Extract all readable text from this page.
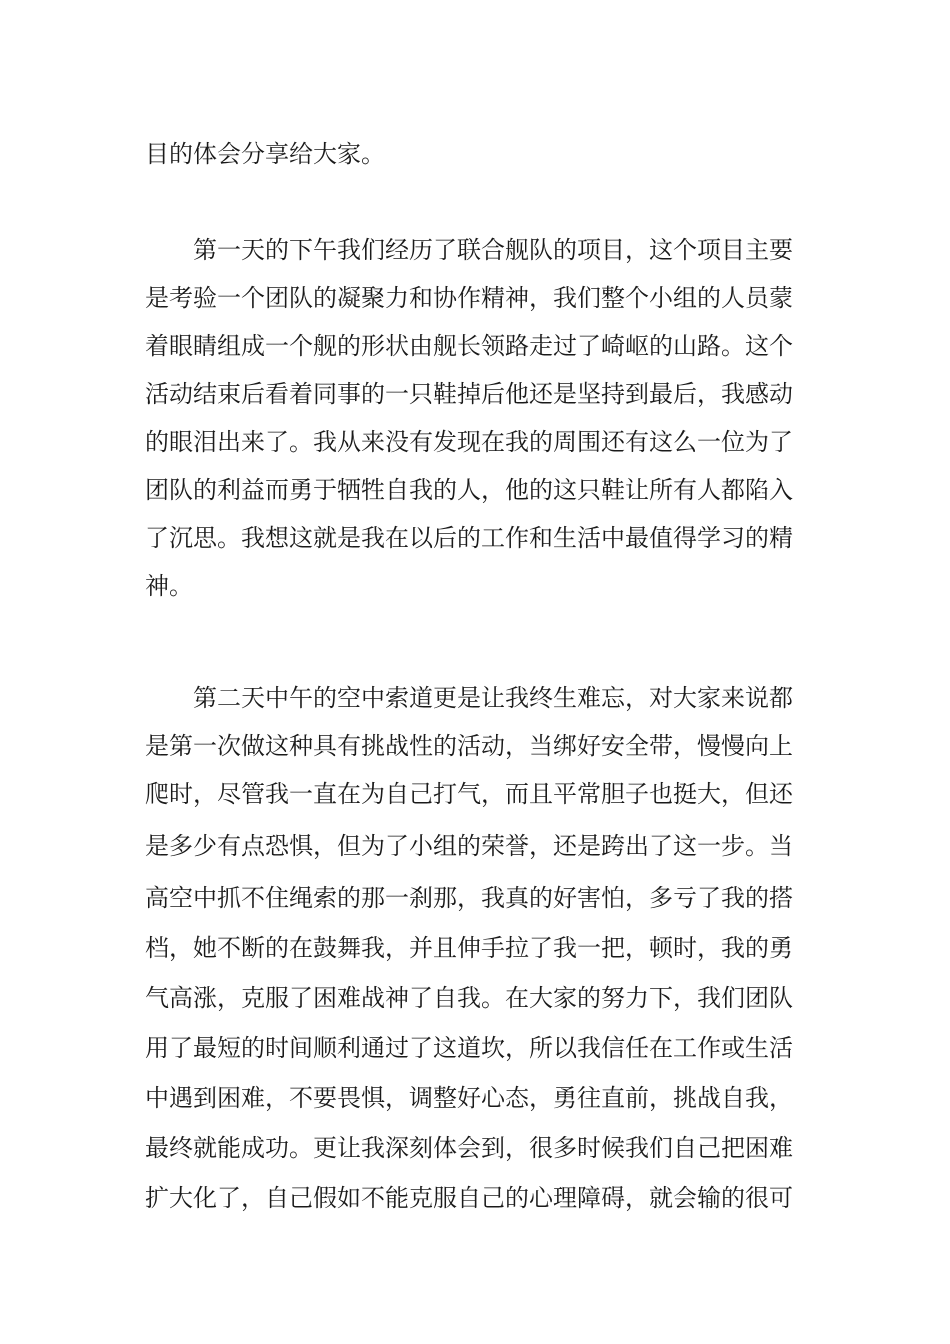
目的体会分享给大家。

第一天的下午我们经历了联合舰队的项目，这个项目主要

是考验一个团队的凝聚力和协作精神，我们整个小组的人员蒙

着眼睛组成一个舰的形状由舰长领路走过了崎岖的山路。这个

活动结束后看着同事的一只鞋掉后他还是坚持到最后，我感动

的眼泪出来了。我从来没有发现在我的周围还有这么一位为了

团队的利益而勇于牺牲自我的人，他的这只鞋让所有人都陷入

了沉思。我想这就是我在以后的工作和生活中最值得学习的精

神。

第二天中午的空中索道更是让我终生难忘，对大家来说都

是第一次做这种具有挑战性的活动，当绑好安全带，慢慢向上

爬时，尽管我一直在为自己打气，而且平常胆子也挺大，但还

是多少有点恐惧，但为了小组的荣誉，还是跨出了这一步。当

高空中抓不住绳索的那一刹那，我真的好害怕，多亏了我的搭

档，她不断的在鼓舞我，并且伸手拉了我一把，顿时，我的勇

气高涨，克服了困难战神了自我。在大家的努力下，我们团队

用了最短的时间顺利通过了这道坎，所以我信任在工作或生活

中遇到困难，不要畏惧，调整好心态，勇往直前，挑战自我，

最终就能成功。更让我深刻体会到，很多时候我们自己把困难

扩大化了，自己假如不能克服自己的心理障碍，就会输的很可
